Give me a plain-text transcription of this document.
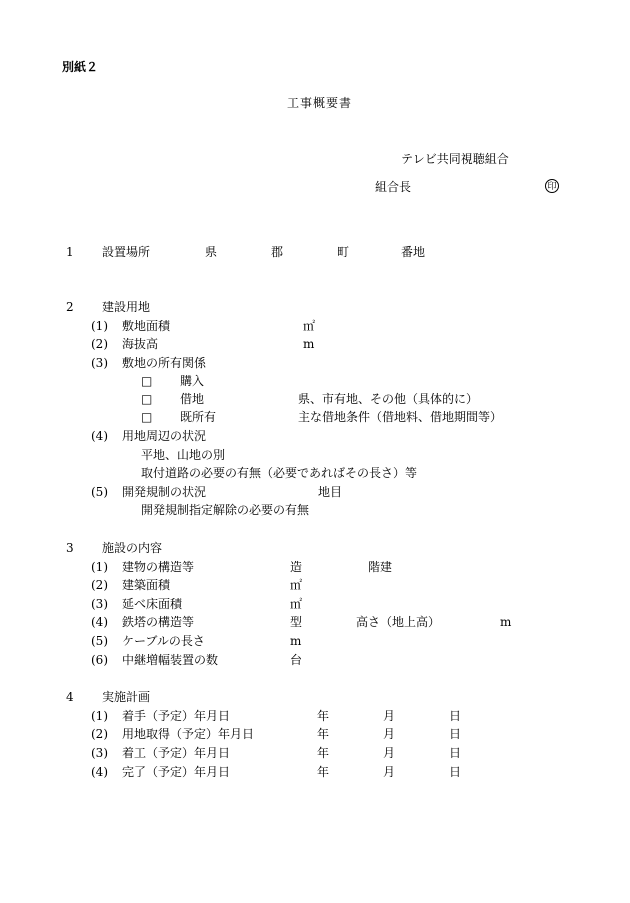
別紙２
工事概要書
テレビ共同視聴組合
組合長	印
1 設置場所	県	郡	町	番地
2 建設用地
(1) 敷地面積	㎡
(2) 海抜高	m
(3) 敷地の所有関係
□ 購入
□ 借地	県、市有地、その他（具体的に）
□ 既所有	主な借地条件（借地料、借地期間等）
(4) 用地周辺の状況
平地、山地の別
取付道路の必要の有無（必要であればその長さ）等
(5) 開発規制の状況	地目
開発規制指定解除の必要の有無
3 施設の内容
(1) 建物の構造等	造	階建
(2) 建築面積	㎡
(3) 延べ床面積	㎡
(4) 鉄塔の構造等	型	高さ（地上高）	m
(5) ケーブルの長さ	m
(6) 中継増幅装置の数	台
4 実施計画
(1) 着手（予定）年月日	年	月	日
(2) 用地取得（予定）年月日	年	月	日
(3) 着工（予定）年月日	年	月	日
(4) 完了（予定）年月日	年	月	日
